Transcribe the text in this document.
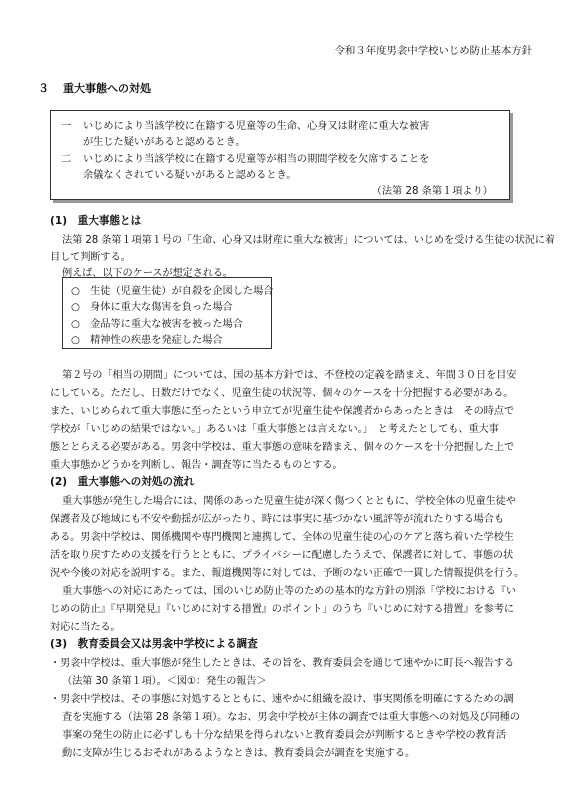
令和３年度男衾中学校いじめ防止基本方針
３ 重大事態への対処
一 いじめにより当該学校に在籍する児童等の生命、心身又は財産に重大な被害
が生じた疑いがあると認めるとき。
二 いじめにより当該学校に在籍する児童等が相当の期間学校を欠席することを
余儀なくされている疑いがあると認めるとき。
（法第 28 条第１項より）
(1)　重大事態とは
法第 28 条第１項第１号の「生命、心身又は財産に重大な被害」については、いじめを受ける生徒の状況に着
目して判断する。
例えば、以下のケースが想定される。
○　生徒（児童生徒）が自殺を企図した場合
○　身体に重大な傷害を負った場合
○　金品等に重大な被害を被った場合
○　精神性の疾患を発症した場合
第２号の「相当の期間」については、国の基本方針では、不登校の定義を踏まえ、年間３０日を目安
にしている。ただし、日数だけでなく、児童生徒の状況等、個々のケースを十分把握する必要がある。
また、いじめられて重大事態に至ったという申立てが児童生徒や保護者からあったときは　その時点で
学校が「いじめの結果ではない。」あるいは「重大事態とは言えない。」　と考えたとしても、重大事
態ととらえる必要がある。男衾中学校は、重大事態の意味を踏まえ、個々のケースを十分把握した上で
重大事態かどうかを判断し、報告・調査等に当たるものとする。
(2)　重大事態への対処の流れ
重大事態が発生した場合には、関係のあった児童生徒が深く傷つくとともに、学校全体の児童生徒や
保護者及び地域にも不安や動揺が広がったり、時には事実に基づかない風評等が流れたりする場合も
ある。男衾中学校は、関係機関や専門機関と連携して、全体の児童生徒の心のケアと落ち着いた学校生
活を取り戻すための支援を行うとともに、プライバシーに配慮したうえで、保護者に対して、事態の状
況や今後の対応を説明する。また、報道機関等に対しては、予断のない正確で一貫した情報提供を行う。
重大事態への対応にあたっては、国のいじめ防止等のための基本的な方針の別添「学校における『い
じめの防止』『早期発見』『いじめに対する措置』のポイント」のうち『いじめに対する措置』を参考に
対応に当たる。
(3)　教育委員会又は男衾中学校による調査
・男衾中学校は、重大事態が発生したときは、その旨を、教育委員会を通じて速やかに町長へ報告する
（法第 30 条第１項）。＜図①：発生の報告＞
・男衾中学校は、その事態に対処するとともに、速やかに組織を設け、事実関係を明確にするための調
査を実施する（法第 28 条第１項）。なお、男衾中学校が主体の調査では重大事態への対処及び同種の
事案の発生の防止に必ずしも十分な結果を得られないと教育委員会が判断するときや学校の教育活
動に支障が生じるおそれがあるようなときは、教育委員会が調査を実施する。
